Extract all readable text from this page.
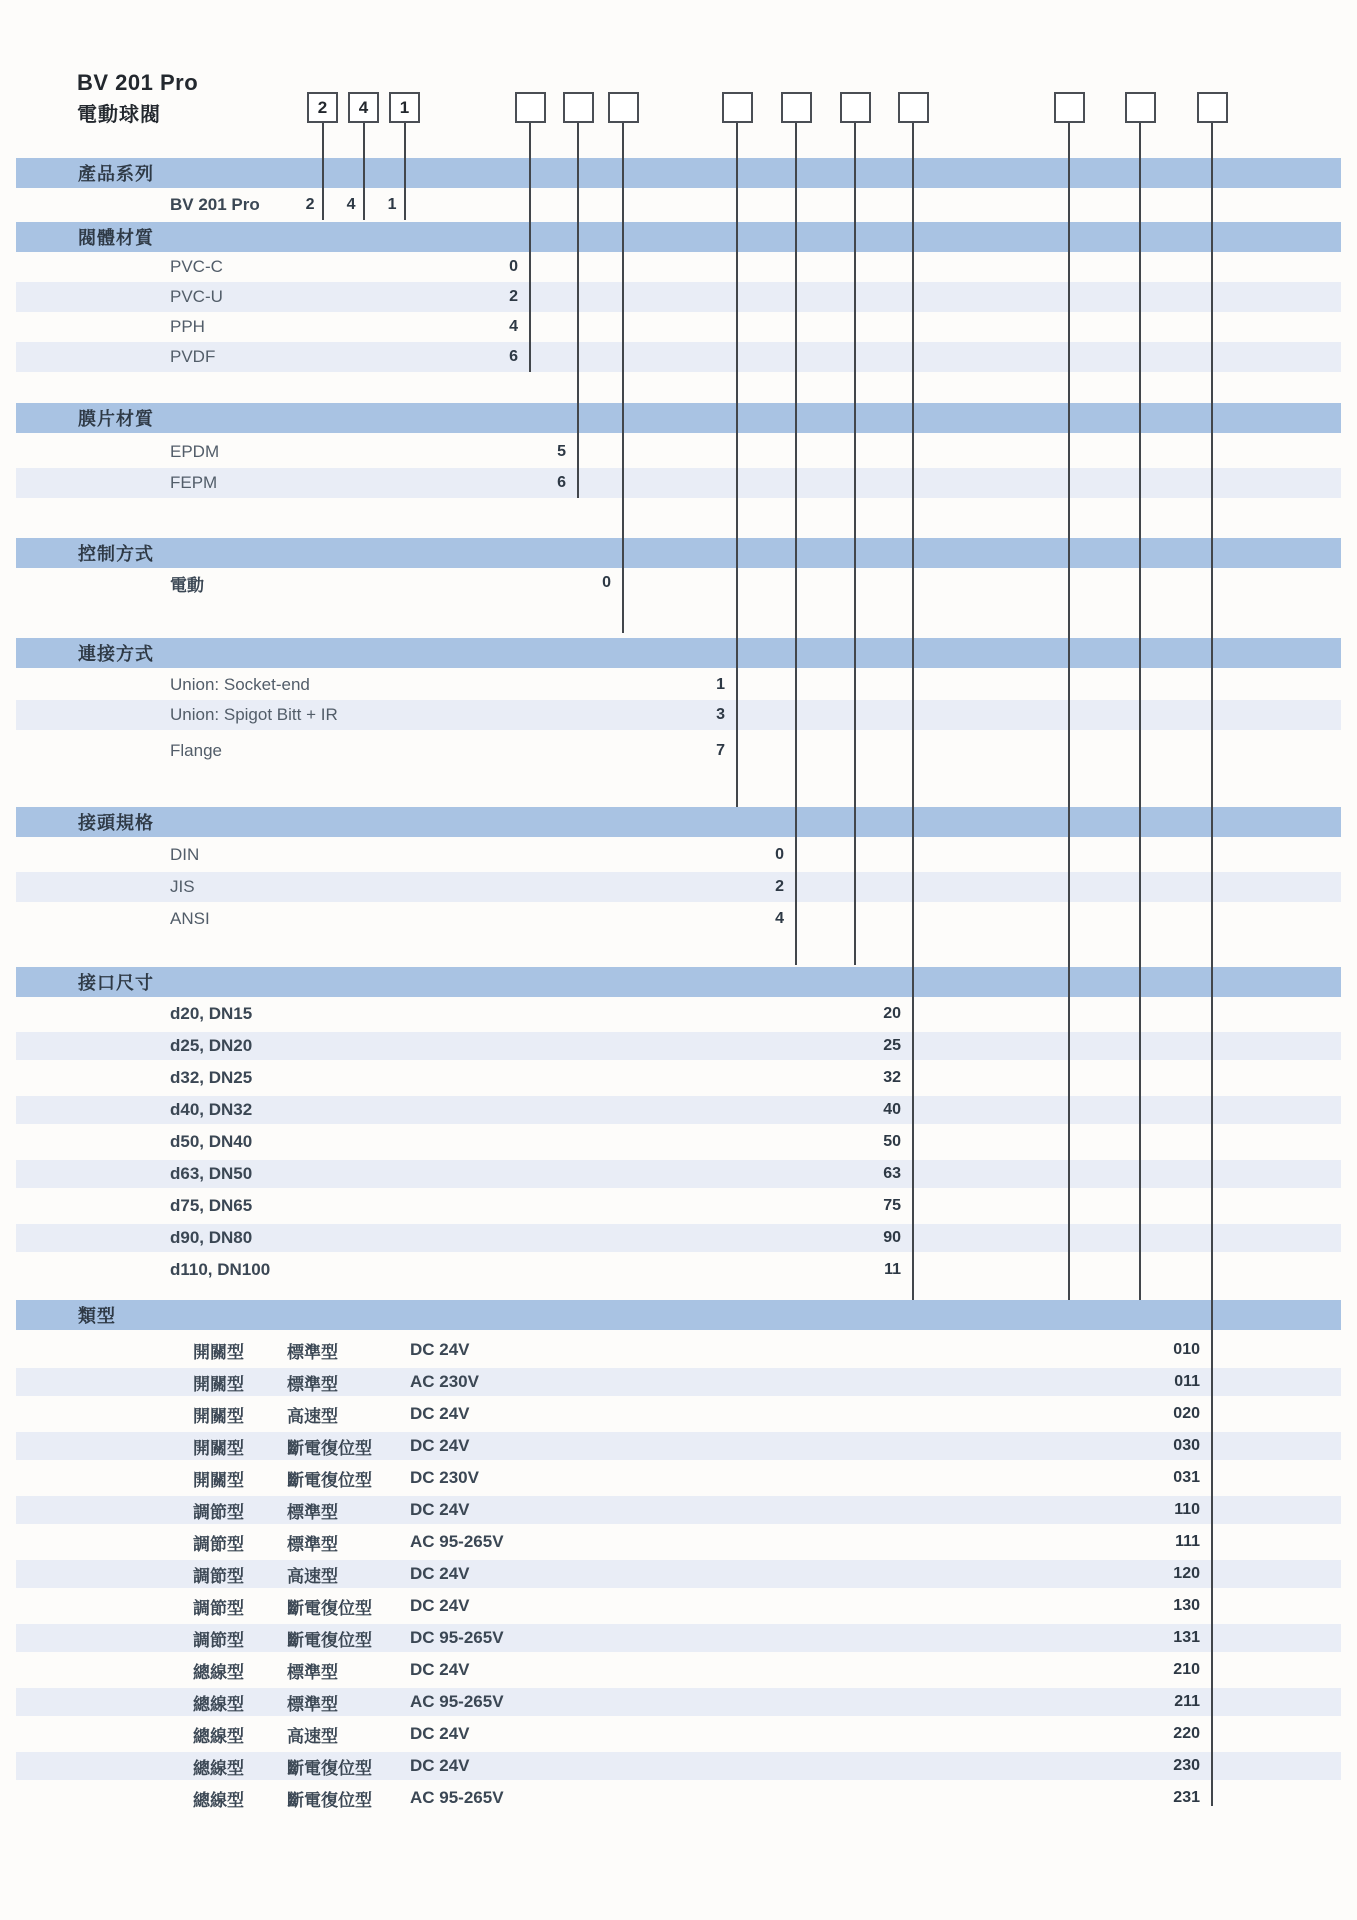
BV 201 Pro
電動球閥	2	4	1
產品系列
BV 201 Pro	2 4 1
閥體材質
PVC-C	0
PVC-U	2
PPH	4
PVDF	6
膜片材質
EPDM	5
FEPM	6
控制方式
電動	0
連接方式
Union: Socket-end	1
Union: Spigot Bitt + IR	3
Flange	7
接頭規格
DIN	0
JIS	2
ANSI	4
接口尺寸
d20, DN15	20
d25, DN20	25
d32, DN25	32
d40, DN32	40
d50, DN40	50
d63, DN50	63
d75, DN65	75
d90, DN80	90
d110, DN100	11
類型
開關型	標準型	DC 24V	010
開關型	標準型	AC 230V	011
開關型	高速型	DC 24V	020
開關型	斷電復位型 DC 24V	030
開關型	斷電復位型 DC 230V	031
調節型	標準型	DC 24V	110
調節型	標準型	AC 95-265V	111
調節型	高速型	DC 24V	120
調節型	斷電復位型 DC 24V	130
調節型	斷電復位型 DC 95-265V	131
總線型	標準型	DC 24V	210
總線型	標準型	AC 95-265V	211
總線型	高速型	DC 24V	220
總線型	斷電復位型 DC 24V	230
總線型	斷電復位型 AC 95-265V	231
